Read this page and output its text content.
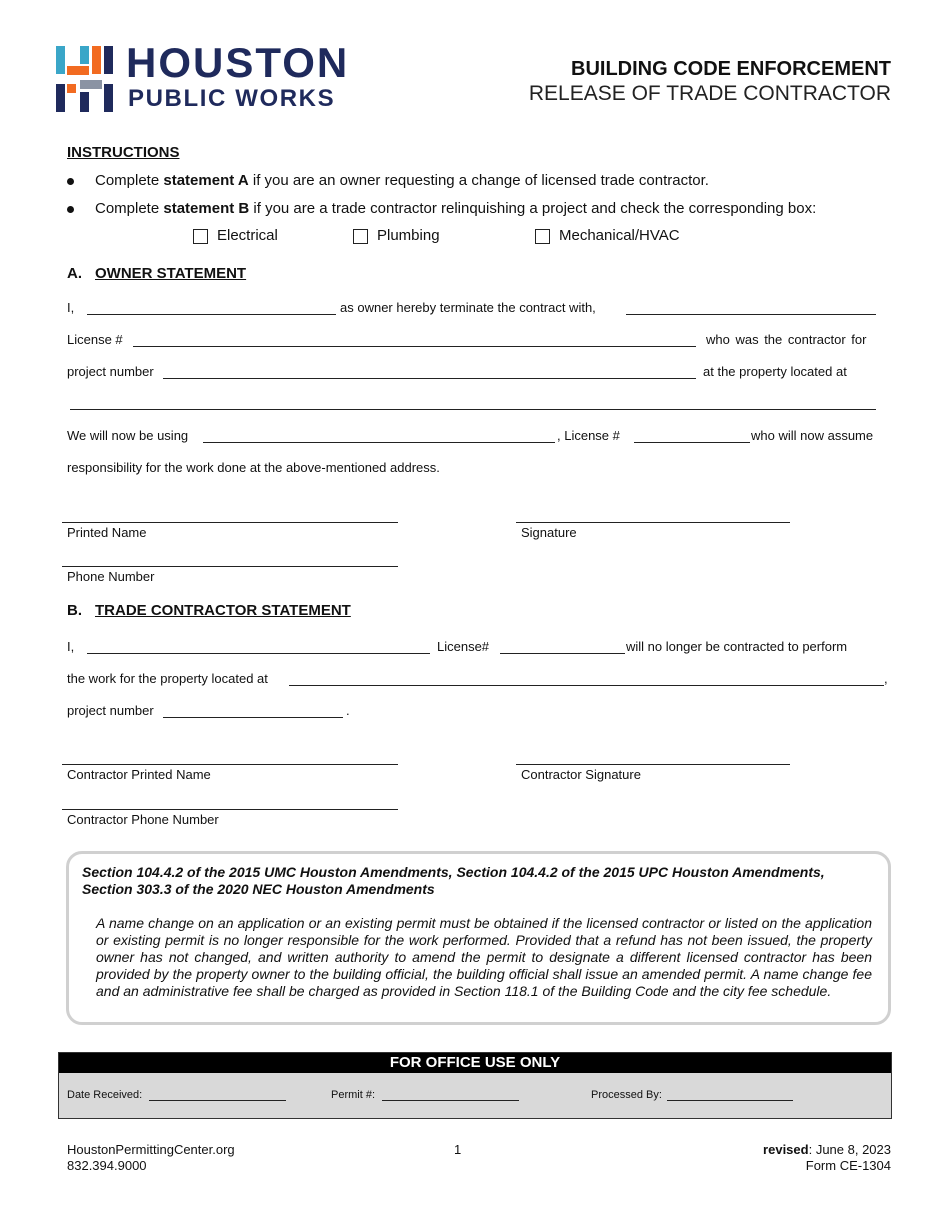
HOUSTON
PUBLIC WORKS
BUILDING CODE ENFORCEMENT
RELEASE OF TRADE CONTRACTOR
INSTRUCTIONS
Complete statement A if you are an owner requesting a change of licensed trade contractor.
Complete statement B if you are a trade contractor relinquishing a project and check the corresponding box:
Electrical	Plumbing	Mechanical/HVAC
A. OWNER STATEMENT
I,	as owner hereby terminate the contract with,
License #	who was the contractor for
project number	at the property located at
We will now be using	, License #	who will now assume
responsibility for the work done at the above-mentioned address.
Printed Name	Signature
Phone Number
B. TRADE CONTRACTOR STATEMENT
I,	License#	will no longer be contracted to perform
the work for the property located at	,
project number	.
Contractor Printed Name	Contractor Signature
Contractor Phone Number
Section 104.4.2 of the 2015 UMC Houston Amendments, Section 104.4.2 of the 2015 UPC Houston Amendments, Section 303.3 of the 2020 NEC Houston Amendments
A name change on an application or an existing permit must be obtained if the licensed contractor or listed on the application or existing permit is no longer responsible for the work performed. Provided that a refund has not been issued, the property owner has not changed, and written authority to amend the permit to designate a different licensed contractor has been provided by the property owner to the building official, the building official shall issue an amended permit. A name change fee and an administrative fee shall be charged as provided in Section 118.1 of the Building Code and the city fee schedule.
FOR OFFICE USE ONLY
Date Received:	Permit #:	Processed By:
HoustonPermittingCenter.org
832.394.9000
1	revised: June 8, 2023
Form CE-1304
